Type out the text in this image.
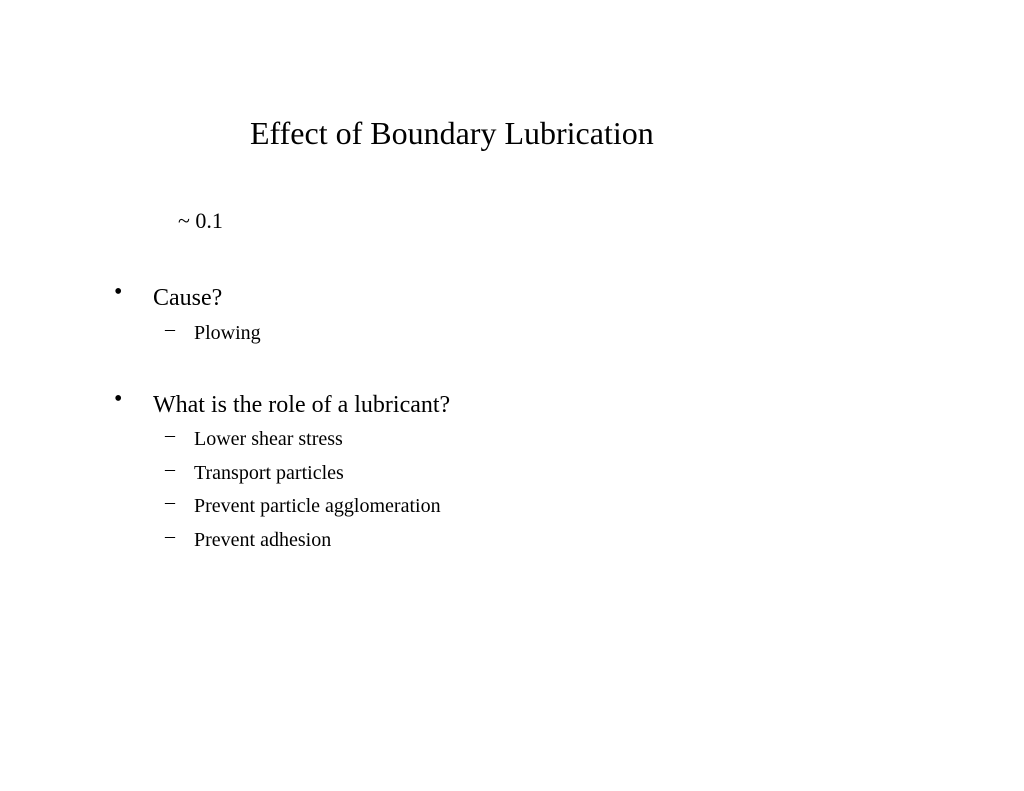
Effect of Boundary Lubrication
~ 0.1
• Cause?
– Plowing
• What is the role of a lubricant?
– Lower shear stress
– Transport particles
– Prevent particle agglomeration
– Prevent adhesion
